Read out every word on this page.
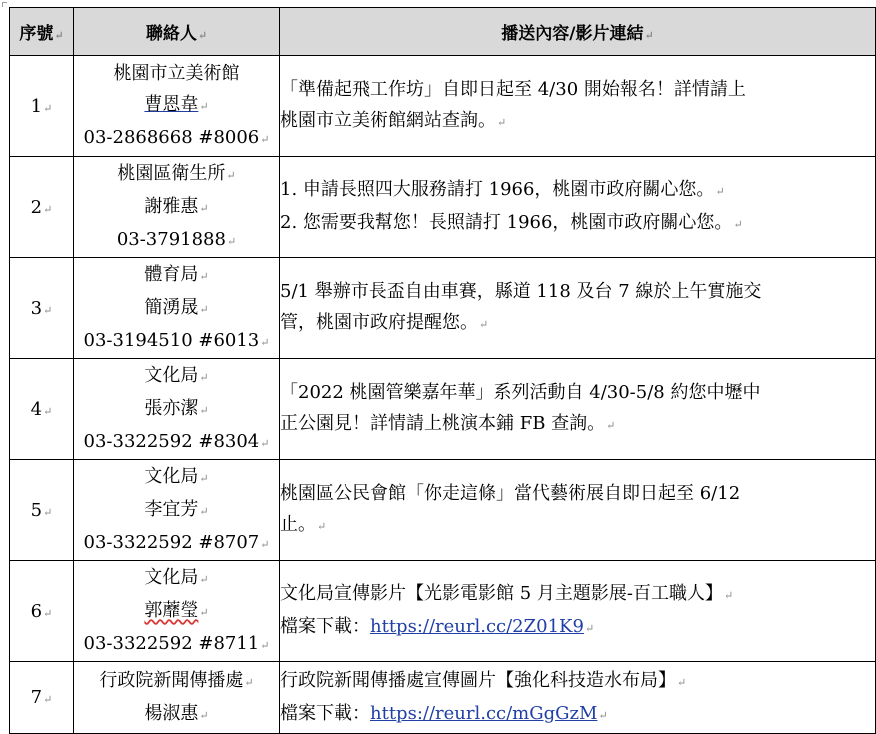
序號↵	聯絡人↵	播送內容/影片連結↵
1↵	桃園市立美術館
曹恩韋↵
03-2868668 #8006↵	「準備起飛工作坊」自即日起至 4/30 開始報名！詳情請上
桃園市立美術館網站查詢。↵

2↵	桃園區衛生所↵
謝雅惠↵
03-3791888↵	1. 申請長照四大服務請打 1966，桃園市政府關心您。↵
2. 您需要我幫您！長照請打 1966，桃園市政府關心您。↵

3↵	體育局↵
簡湧晟↵
03-3194510 #6013↵	5/1 舉辦市長盃自由車賽，縣道 118 及台 7 線於上午實施交
管，桃園市政府提醒您。↵

4↵	文化局↵
張亦潔↵
03-3322592 #8304↵	「2022 桃園管樂嘉年華」系列活動自 4/30-5/8 約您中壢中
正公園見！詳情請上桃演本鋪 FB 查詢。↵

5↵	文化局↵
李宜芳↵
03-3322592 #8707↵	桃園區公民會館「你走這條」當代藝術展自即日起至 6/12
止。↵

6↵	文化局↵
郭蘼瑩↵
03-3322592 #8711↵	文化局宣傳影片【光影電影館 5 月主題影展-百工職人】↵
檔案下載：https://reurl.cc/2Z01K9↵

7↵	行政院新聞傳播處↵
楊淑惠↵	行政院新聞傳播處宣傳圖片【強化科技造水布局】↵
檔案下載：https://reurl.cc/mGgGzM↵
